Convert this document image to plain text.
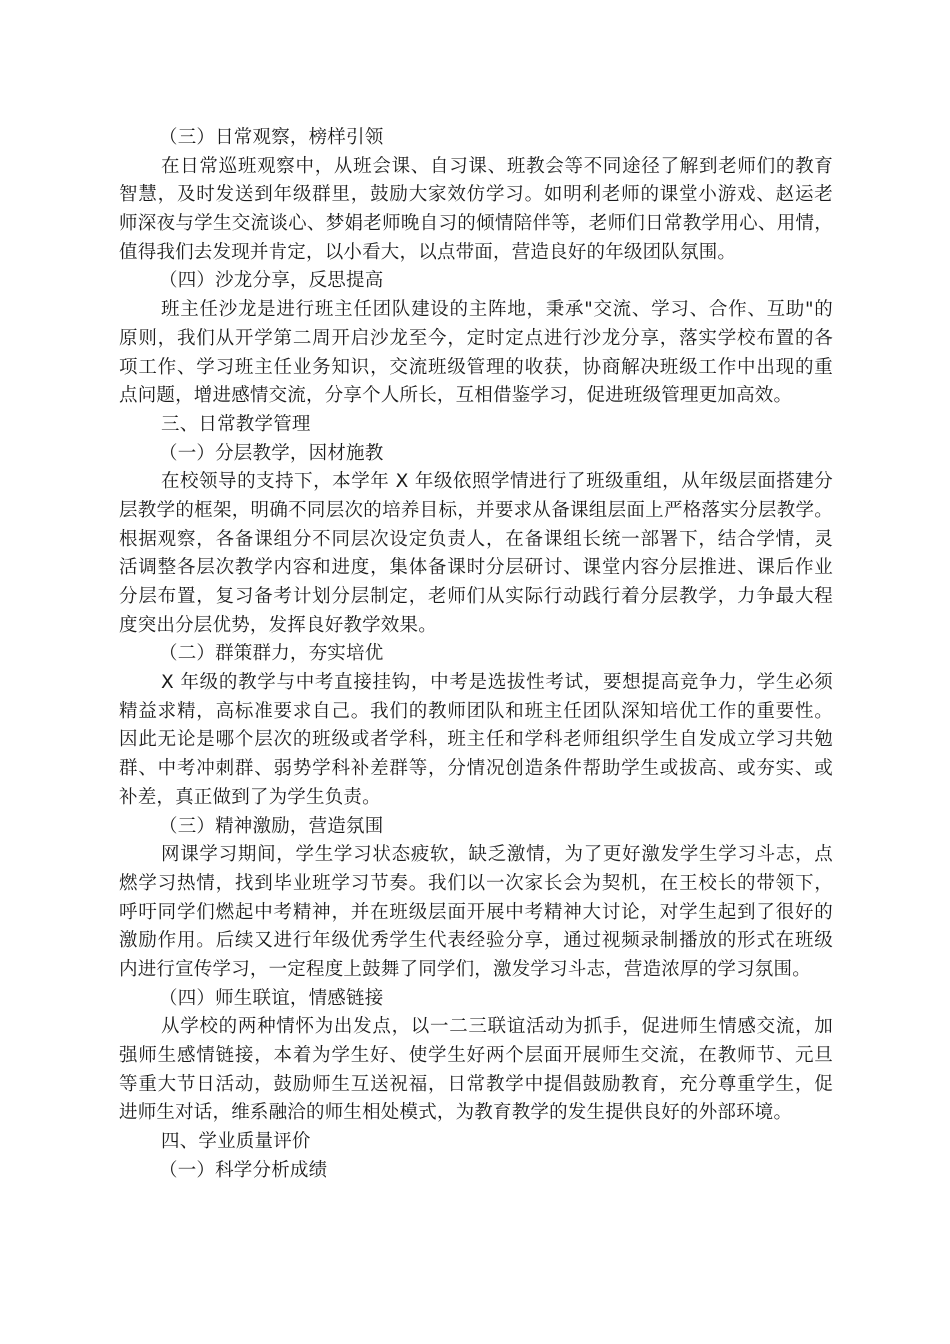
（三）日常观察，榜样引领
在日常巡班观察中，从班会课、自习课、班教会等不同途径了解到老师们的教育
智慧，及时发送到年级群里，鼓励大家效仿学习。如明利老师的课堂小游戏、赵运老
师深夜与学生交流谈心、梦娟老师晚自习的倾情陪伴等，老师们日常教学用心、用情，
值得我们去发现并肯定，以小看大，以点带面，营造良好的年级团队氛围。
（四）沙龙分享，反思提高
班主任沙龙是进行班主任团队建设的主阵地，秉承"交流、学习、合作、互助"的
原则，我们从开学第二周开启沙龙至今，定时定点进行沙龙分享，落实学校布置的各
项工作、学习班主任业务知识，交流班级管理的收获，协商解决班级工作中出现的重
点问题，增进感情交流，分享个人所长，互相借鉴学习，促进班级管理更加高效。
三、日常教学管理
（一）分层教学，因材施教
在校领导的支持下，本学年 X 年级依照学情进行了班级重组，从年级层面搭建分
层教学的框架，明确不同层次的培养目标，并要求从备课组层面上严格落实分层教学。
根据观察，各备课组分不同层次设定负责人，在备课组长统一部署下，结合学情，灵
活调整各层次教学内容和进度，集体备课时分层研讨、课堂内容分层推进、课后作业
分层布置，复习备考计划分层制定，老师们从实际行动践行着分层教学，力争最大程
度突出分层优势，发挥良好教学效果。
（二）群策群力，夯实培优
X 年级的教学与中考直接挂钩，中考是选拔性考试，要想提高竞争力，学生必须
精益求精，高标准要求自己。我们的教师团队和班主任团队深知培优工作的重要性。
因此无论是哪个层次的班级或者学科，班主任和学科老师组织学生自发成立学习共勉
群、中考冲刺群、弱势学科补差群等，分情况创造条件帮助学生或拔高、或夯实、或
补差，真正做到了为学生负责。
（三）精神激励，营造氛围
网课学习期间，学生学习状态疲软，缺乏激情，为了更好激发学生学习斗志，点
燃学习热情，找到毕业班学习节奏。我们以一次家长会为契机，在王校长的带领下，
呼吁同学们燃起中考精神，并在班级层面开展中考精神大讨论，对学生起到了很好的
激励作用。后续又进行年级优秀学生代表经验分享，通过视频录制播放的形式在班级
内进行宣传学习，一定程度上鼓舞了同学们，激发学习斗志，营造浓厚的学习氛围。
（四）师生联谊，情感链接
从学校的两种情怀为出发点，以一二三联谊活动为抓手，促进师生情感交流，加
强师生感情链接，本着为学生好、使学生好两个层面开展师生交流，在教师节、元旦
等重大节日活动，鼓励师生互送祝福，日常教学中提倡鼓励教育，充分尊重学生，促
进师生对话，维系融洽的师生相处模式，为教育教学的发生提供良好的外部环境。
四、学业质量评价
（一）科学分析成绩
